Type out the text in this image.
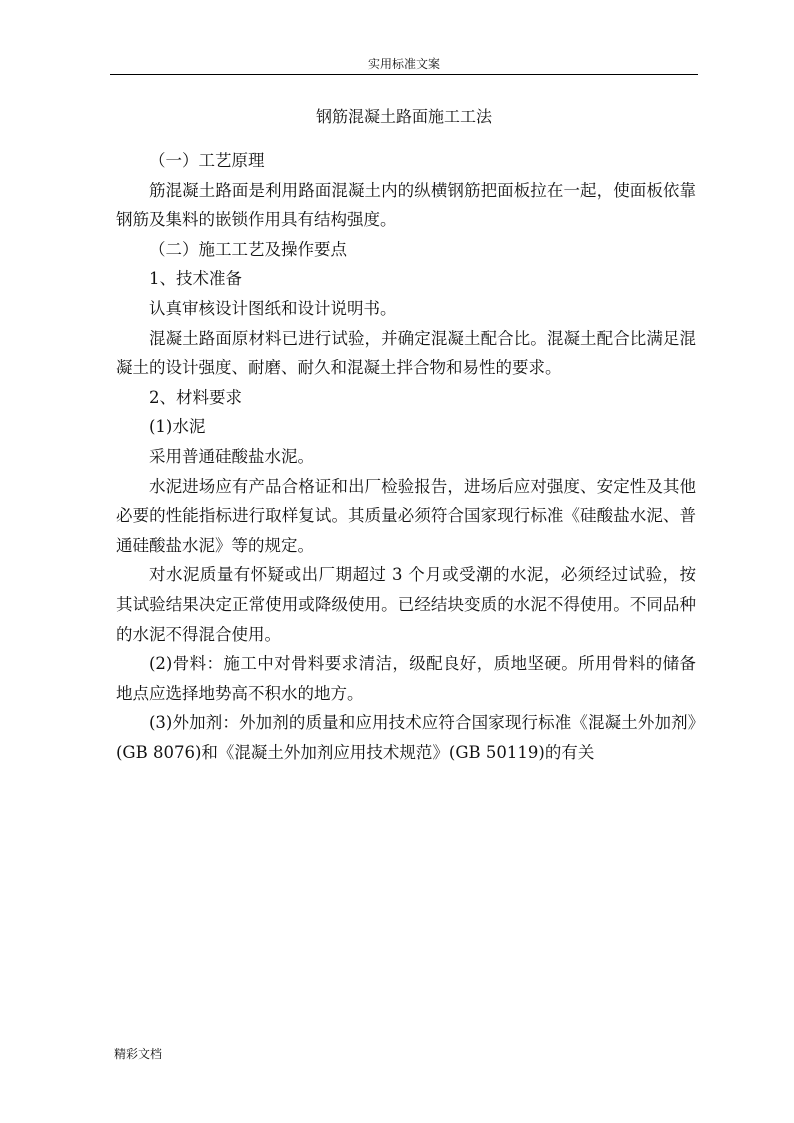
实用标准文案
钢筋混凝土路面施工工法

（一）工艺原理

筋混凝土路面是利用路面混凝土内的纵横钢筋把面板拉在一起，使面板依靠钢筋及集料的嵌锁作用具有结构强度。

（二）施工工艺及操作要点

1、技术准备

认真审核设计图纸和设计说明书。

混凝土路面原材料已进行试验，并确定混凝土配合比。混凝土配合比满足混凝土的设计强度、耐磨、耐久和混凝土拌合物和易性的要求。

2、材料要求

(1)水泥

采用普通硅酸盐水泥。

水泥进场应有产品合格证和出厂检验报告，进场后应对强度、安定性及其他必要的性能指标进行取样复试。其质量必须符合国家现行标准《硅酸盐水泥、普通硅酸盐水泥》等的规定。

对水泥质量有怀疑或出厂期超过 3 个月或受潮的水泥，必须经过试验，按其试验结果决定正常使用或降级使用。已经结块变质的水泥不得使用。不同品种的水泥不得混合使用。

(2)骨料：施工中对骨料要求清洁，级配良好，质地坚硬。所用骨料的储备地点应选择地势高不积水的地方。

(3)外加剂：外加剂的质量和应用技术应符合国家现行标准《混凝土外加剂》(GB 8076)和《混凝土外加剂应用技术规范》(GB 50119)的有关

精彩文档
